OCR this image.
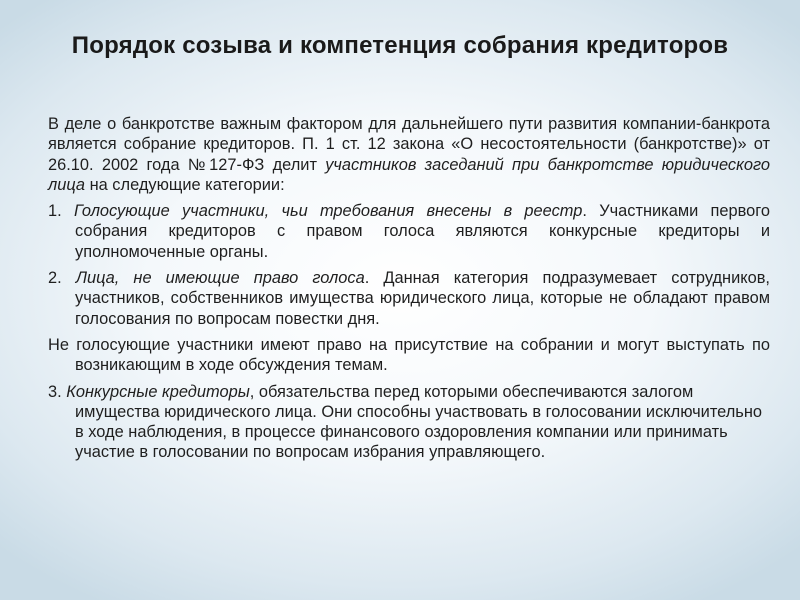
Порядок созыва и компетенция собрания кредиторов

В деле о банкротстве важным фактором для дальнейшего пути развития компании-банкрота является собрание кредиторов. П. 1 ст. 12 закона «О несостоятельности (банкротстве)» от 26.10. 2002 года №127-ФЗ делит участников заседаний при банкротстве юридического лица на следующие категории:

1. Голосующие участники, чьи требования внесены в реестр. Участниками первого собрания кредиторов с правом голоса являются конкурсные кредиторы и уполномоченные органы.

2. Лица, не имеющие право голоса. Данная категория подразумевает сотрудников, участников, собственников имущества юридического лица, которые не обладают правом голосования по вопросам повестки дня.

Не голосующие участники имеют право на присутствие на собрании и могут выступать по возникающим в ходе обсуждения темам.

3. Конкурсные кредиторы, обязательства перед которыми обеспечиваются залогом имущества юридического лица. Они способны участвовать в голосовании исключительно в ходе наблюдения, в процессе финансового оздоровления компании или принимать участие в голосовании по вопросам избрания управляющего.
